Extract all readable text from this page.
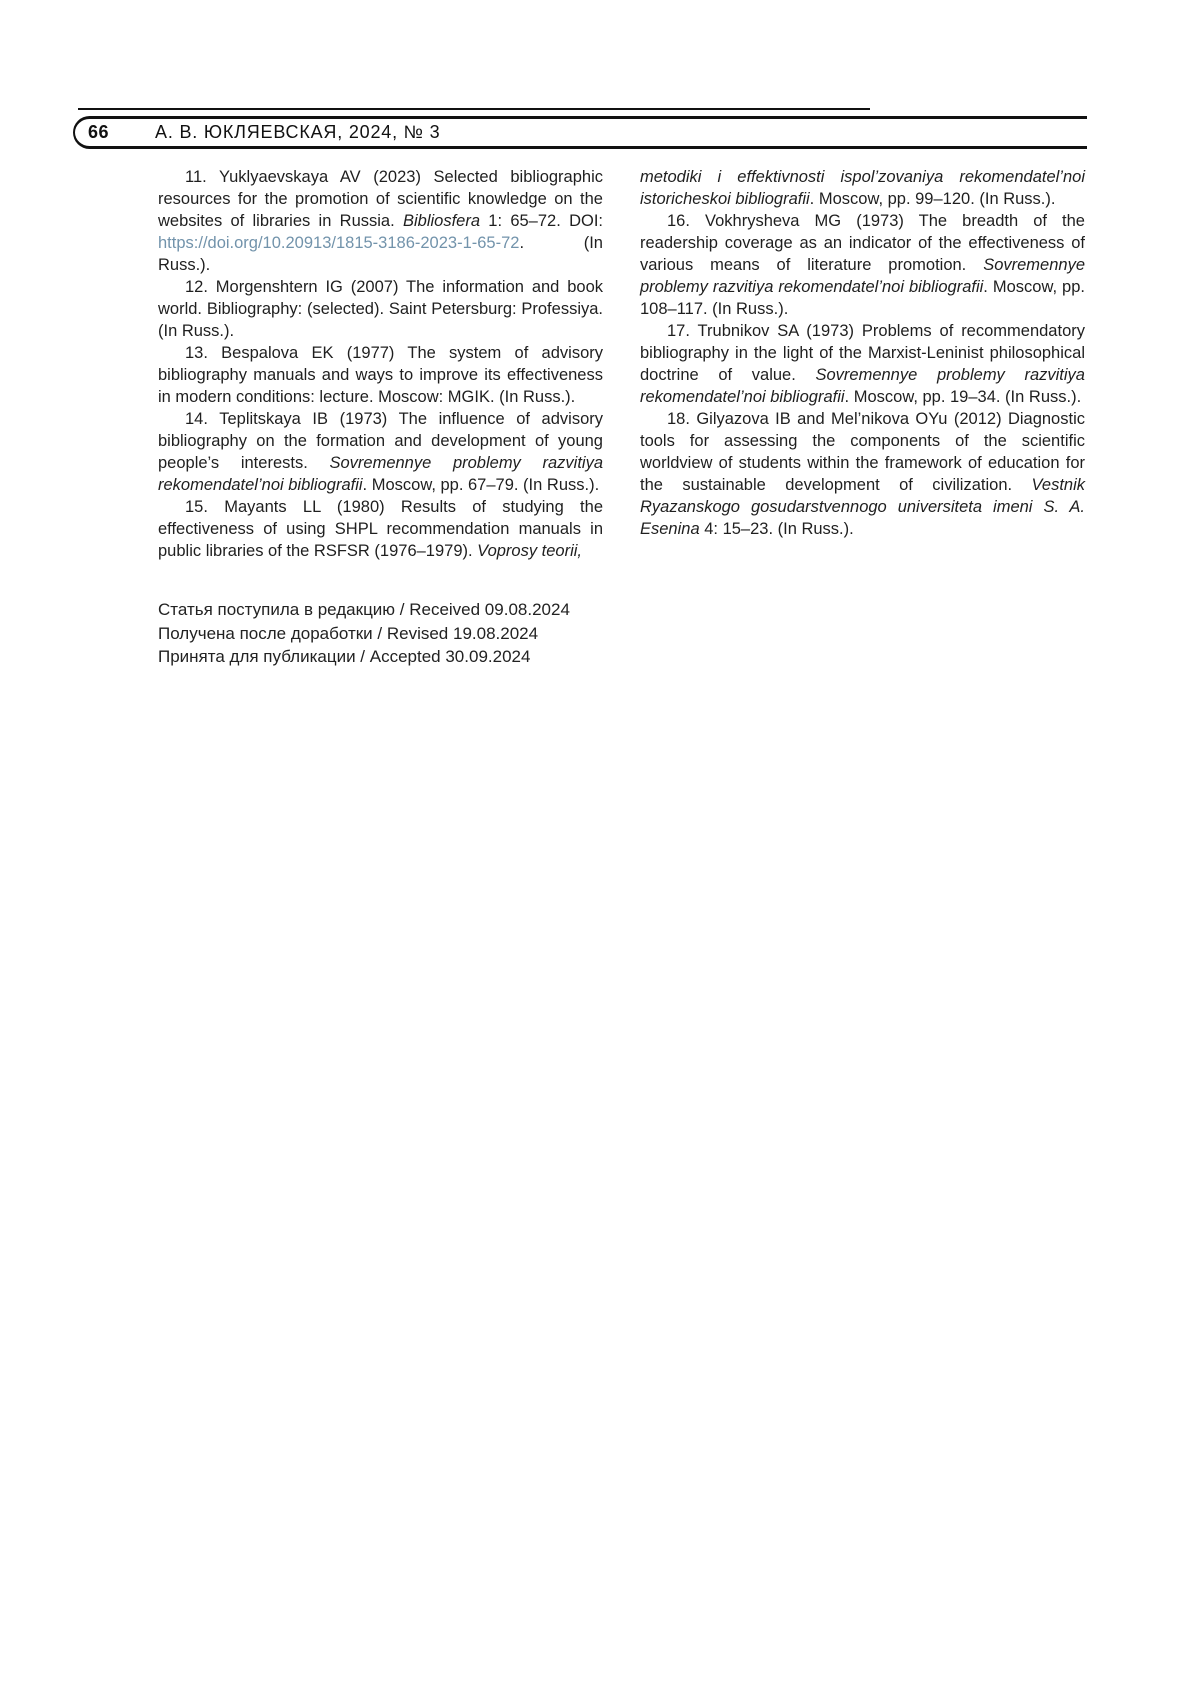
66	А. В. ЮКЛЯЕВСКАЯ, 2024, № 3

11. Yuklyaevskaya AV (2023) Selected bibliographic resources for the promotion of scientific knowledge on the websites of libraries in Russia. Bibliosfera 1: 65–72. DOI: https://doi.org/10.20913/1815-3186-2023-1-65-72. (In Russ.).

12. Morgenshtern IG (2007) The information and book world. Bibliography: (selected). Saint Petersburg: Professiya. (In Russ.).

13. Bespalova EK (1977) The system of advisory bibliography manuals and ways to improve its effectiveness in modern conditions: lecture. Moscow: MGIK. (In Russ.).

14. Teplitskaya IB (1973) The influence of advisory bibliography on the formation and development of young people’s interests. Sovremennye problemy razvitiya rekomendatel’noi bibliografii. Moscow, pp. 67–79. (In Russ.).

15. Mayants LL (1980) Results of studying the effectiveness of using SHPL recommendation manuals in public libraries of the RSFSR (1976–1979). Voprosy teorii,

Статья поступила в редакцию / Received 09.08.2024

Получена после доработки / Revised 19.08.2024

Принята для публикации / Accepted 30.09.2024

metodiki i effektivnosti ispol’zovaniya rekomendatel’noi istoricheskoi bibliografii. Moscow, pp. 99–120. (In Russ.).

16. Vokhrysheva MG (1973) The breadth of the readership coverage as an indicator of the effectiveness of various means of literature promotion. Sovremennye problemy razvitiya rekomendatel’noi bibliografii. Moscow, pp. 108–117. (In Russ.).

17. Trubnikov SA (1973) Problems of recommendatory bibliography in the light of the Marxist-Leninist philosophical doctrine of value. Sovremennye problemy razvitiya rekomendatel’noi bibliografii. Moscow, pp. 19–34. (In Russ.).

18. Gilyazova IB and Mel’nikova OYu (2012) Diagnostic tools for assessing the components of the scientific worldview of students within the framework of education for the sustainable development of civilization. Vestnik Ryazanskogo gosudarstvennogo universiteta imeni S. A. Esenina 4: 15–23. (In Russ.).
